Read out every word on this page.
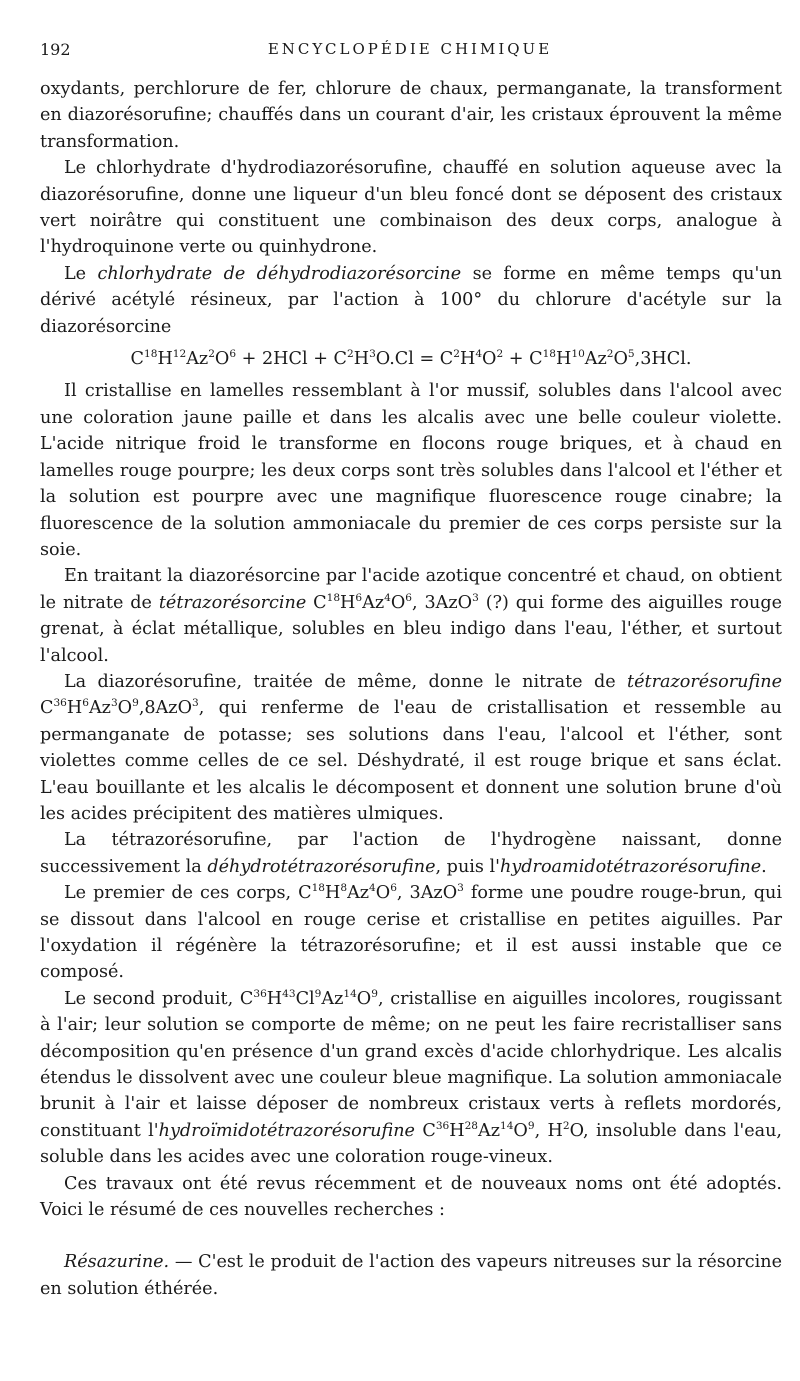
192	ENCYCLOPÉDIE CHIMIQUE

oxydants, perchlorure de fer, chlorure de chaux, permanganate, la transforment en diazorésorufine; chauffés dans un courant d'air, les cristaux éprouvent la même transformation.

Le chlorhydrate d'hydrodiazorésorufine, chauffé en solution aqueuse avec la diazorésorufine, donne une liqueur d'un bleu foncé dont se déposent des cristaux vert noirâtre qui constituent une combinaison des deux corps, analogue à l'hydroquinone verte ou quinhydrone.

Le chlorhydrate de déhydrodiazorésorcine se forme en même temps qu'un dérivé acétylé résineux, par l'action à 100° du chlorure d'acétyle sur la diazorésorcine

$C^{18}H^{12}Az^2O^6 + 2HCl + C^2H^3O.Cl = C^2H^4O^2 + C^{18}H^{10}Az^2O^5,3HCl$.

Il cristallise en lamelles ressemblant à l'or mussif, solubles dans l'alcool avec une coloration jaune paille et dans les alcalis avec une belle couleur violette. L'acide nitrique froid le transforme en flocons rouge briques, et à chaud en lamelles rouge pourpre; les deux corps sont très solubles dans l'alcool et l'éther et la solution est pourpre avec une magnifique fluorescence rouge cinabre; la fluorescence de la solution ammoniacale du premier de ces corps persiste sur la soie.

En traitant la diazorésorcine par l'acide azotique concentré et chaud, on obtient le nitrate de tétrazorésorcine $C^{18}H^6Az^4O^6$, 3AzO$^3$ (?) qui forme des aiguilles rouge grenat, à éclat métallique, solubles en bleu indigo dans l'eau, l'éther, et surtout l'alcool.

La diazorésorufine, traitée de même, donne le nitrate de tétrazorésorufine $C^{36}H^6Az^3O^9,8AzO^3$, qui renferme de l'eau de cristallisation et ressemble au permanganate de potasse; ses solutions dans l'eau, l'alcool et l'éther, sont violettes comme celles de ce sel. Déshydraté, il est rouge brique et sans éclat. L'eau bouillante et les alcalis le décomposent et donnent une solution brune d'où les acides précipitent des matières ulmiques.

La tétrazorésorufine, par l'action de l'hydrogène naissant, donne successivement la déhydrotétrazorésorufine, puis l'hydroamidotétrazorésorufine.

Le premier de ces corps, $C^{18}H^8Az^4O^6$, 3AzO$^3$ forme une poudre rouge-brun, qui se dissout dans l'alcool en rouge cerise et cristallise en petites aiguilles. Par l'oxydation il régénère la tétrazorésorufine; et il est aussi instable que ce composé.

Le second produit, $C^{36}H^{43}Cl^9Az^{14}O^9$, cristallise en aiguilles incolores, rougissant à l'air; leur solution se comporte de même; on ne peut les faire recristalliser sans décomposition qu'en présence d'un grand excès d'acide chlorhydrique. Les alcalis étendus le dissolvent avec une couleur bleue magnifique. La solution ammoniacale brunit à l'air et laisse déposer de nombreux cristaux verts à reflets mordorés, constituant l'hydroïmidotétrazorésorufine $C^{36}H^{28}Az^{14}O^9$, $H^2O$, insoluble dans l'eau, soluble dans les acides avec une coloration rouge-vineux.

Ces travaux ont été revus récemment et de nouveaux noms ont été adoptés. Voici le résumé de ces nouvelles recherches :

Résazurine. — C'est le produit de l'action des vapeurs nitreuses sur la résorcine en solution éthérée.
